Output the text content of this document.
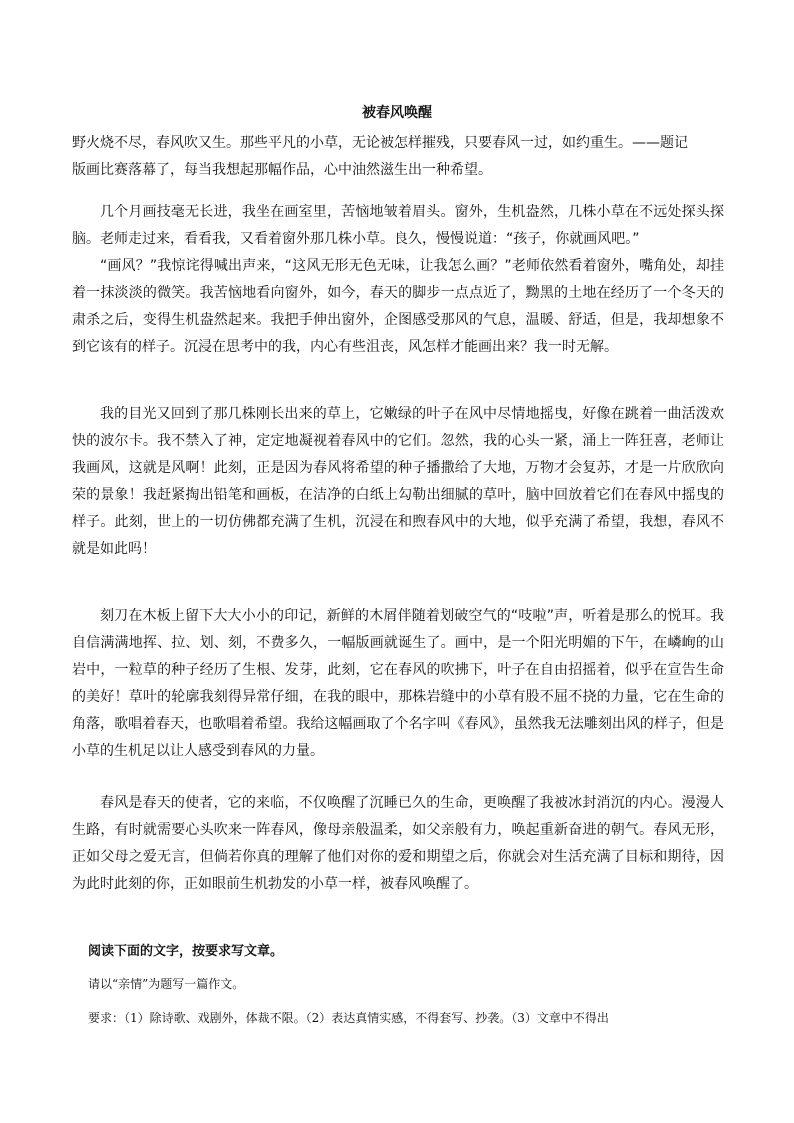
被春风唤醒

野火烧不尽，春风吹又生。那些平凡的小草，无论被怎样摧残，只要春风一过，如约重生。——题记

版画比赛落幕了，每当我想起那幅作品，心中油然滋生出一种希望。

几个月画技毫无长进，我坐在画室里，苦恼地皱着眉头。窗外，生机盎然，几株小草在不远处探头探脑。老师走过来，看看我，又看着窗外那几株小草。良久，慢慢说道：“孩子，你就画风吧。”

“画风？”我惊诧得喊出声来，“这风无形无色无味，让我怎么画？”老师依然看着窗外，嘴角处，却挂着一抹淡淡的微笑。我苦恼地看向窗外，如今，春天的脚步一点点近了，黝黑的土地在经历了一个冬天的肃杀之后，变得生机盎然起来。我把手伸出窗外，企图感受那风的气息，温暖、舒适，但是，我却想象不到它该有的样子。沉浸在思考中的我，内心有些沮丧，风怎样才能画出来？我一时无解。

我的目光又回到了那几株刚长出来的草上，它嫩绿的叶子在风中尽情地摇曳，好像在跳着一曲活泼欢快的波尔卡。我不禁入了神，定定地凝视着春风中的它们。忽然，我的心头一紧，涌上一阵狂喜，老师让我画风，这就是风啊！此刻，正是因为春风将希望的种子播撒给了大地，万物才会复苏，才是一片欣欣向荣的景象！我赶紧掏出铅笔和画板，在洁净的白纸上勾勒出细腻的草叶，脑中回放着它们在春风中摇曳的样子。此刻，世上的一切仿佛都充满了生机，沉浸在和煦春风中的大地，似乎充满了希望，我想，春风不就是如此吗！

刻刀在木板上留下大大小小的印记，新鲜的木屑伴随着划破空气的“吱啦”声，听着是那么的悦耳。我自信满满地挥、拉、划、刻，不费多久，一幅版画就诞生了。画中，是一个阳光明媚的下午，在嶙峋的山岩中，一粒草的种子经历了生根、发芽，此刻，它在春风的吹拂下，叶子在自由招摇着，似乎在宣告生命的美好！草叶的轮廓我刻得异常仔细，在我的眼中，那株岩缝中的小草有股不屈不挠的力量，它在生命的角落，歌唱着春天，也歌唱着希望。我给这幅画取了个名字叫《春风》，虽然我无法雕刻出风的样子，但是小草的生机足以让人感受到春风的力量。

春风是春天的使者，它的来临，不仅唤醒了沉睡已久的生命，更唤醒了我被冰封消沉的内心。漫漫人生路，有时就需要心头吹来一阵春风，像母亲般温柔，如父亲般有力，唤起重新奋进的朝气。春风无形，正如父母之爱无言，但倘若你真的理解了他们对你的爱和期望之后，你就会对生活充满了目标和期待，因为此时此刻的你，正如眼前生机勃发的小草一样，被春风唤醒了。

阅读下面的文字，按要求写文章。

请以“亲情”为题写一篇作文。

要求：（1）除诗歌、戏剧外，体裁不限。（2）表达真情实感，不得套写、抄袭。（3）文章中不得出
